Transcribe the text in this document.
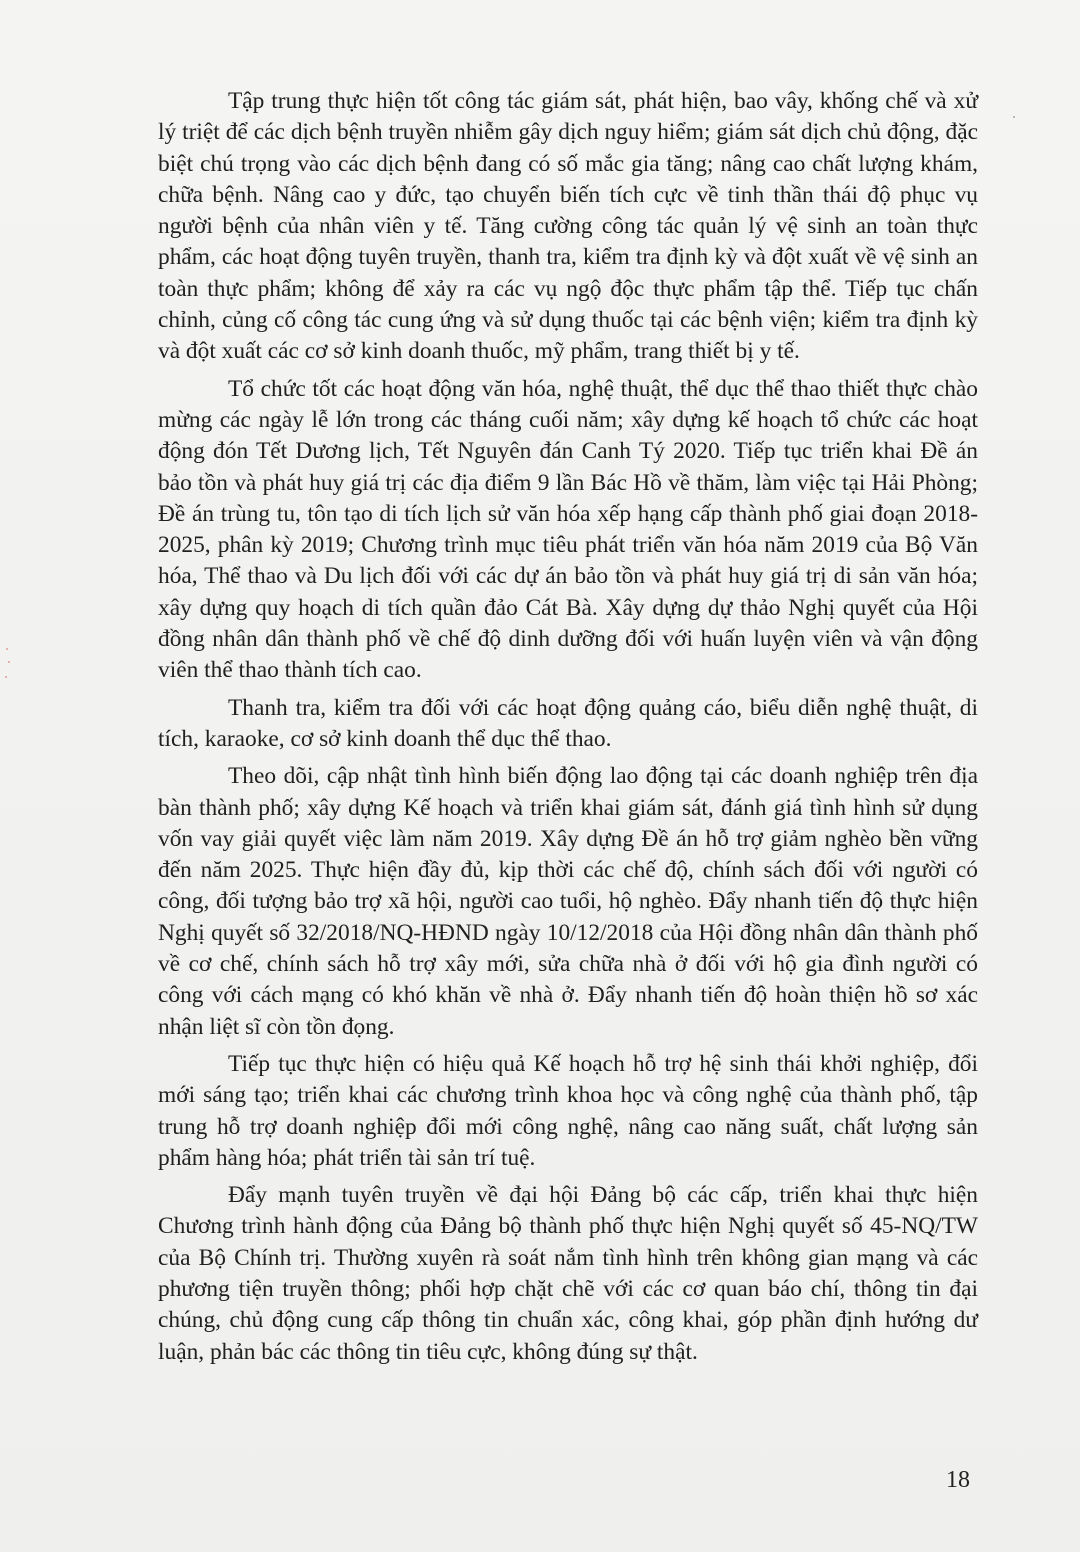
Tập trung thực hiện tốt công tác giám sát, phát hiện, bao vây, khống chế và xử lý triệt để các dịch bệnh truyền nhiễm gây dịch nguy hiểm; giám sát dịch chủ động, đặc biệt chú trọng vào các dịch bệnh đang có số mắc gia tăng; nâng cao chất lượng khám, chữa bệnh. Nâng cao y đức, tạo chuyển biến tích cực về tinh thần thái độ phục vụ người bệnh của nhân viên y tế. Tăng cường công tác quản lý vệ sinh an toàn thực phẩm, các hoạt động tuyên truyền, thanh tra, kiểm tra định kỳ và đột xuất về vệ sinh an toàn thực phẩm; không để xảy ra các vụ ngộ độc thực phẩm tập thể. Tiếp tục chấn chỉnh, củng cố công tác cung ứng và sử dụng thuốc tại các bệnh viện; kiểm tra định kỳ và đột xuất các cơ sở kinh doanh thuốc, mỹ phẩm, trang thiết bị y tế.

Tổ chức tốt các hoạt động văn hóa, nghệ thuật, thể dục thể thao thiết thực chào mừng các ngày lễ lớn trong các tháng cuối năm; xây dựng kế hoạch tổ chức các hoạt động đón Tết Dương lịch, Tết Nguyên đán Canh Tý 2020. Tiếp tục triển khai Đề án bảo tồn và phát huy giá trị các địa điểm 9 lần Bác Hồ về thăm, làm việc tại Hải Phòng; Đề án trùng tu, tôn tạo di tích lịch sử văn hóa xếp hạng cấp thành phố giai đoạn 2018-2025, phân kỳ 2019; Chương trình mục tiêu phát triển văn hóa năm 2019 của Bộ Văn hóa, Thể thao và Du lịch đối với các dự án bảo tồn và phát huy giá trị di sản văn hóa; xây dựng quy hoạch di tích quần đảo Cát Bà. Xây dựng dự thảo Nghị quyết của Hội đồng nhân dân thành phố về chế độ dinh dưỡng đối với huấn luyện viên và vận động viên thể thao thành tích cao.

Thanh tra, kiểm tra đối với các hoạt động quảng cáo, biểu diễn nghệ thuật, di tích, karaoke, cơ sở kinh doanh thể dục thể thao.

Theo dõi, cập nhật tình hình biến động lao động tại các doanh nghiệp trên địa bàn thành phố; xây dựng Kế hoạch và triển khai giám sát, đánh giá tình hình sử dụng vốn vay giải quyết việc làm năm 2019. Xây dựng Đề án hỗ trợ giảm nghèo bền vững đến năm 2025. Thực hiện đầy đủ, kịp thời các chế độ, chính sách đối với người có công, đối tượng bảo trợ xã hội, người cao tuổi, hộ nghèo. Đẩy nhanh tiến độ thực hiện Nghị quyết số 32/2018/NQ-HĐND ngày 10/12/2018 của Hội đồng nhân dân thành phố về cơ chế, chính sách hỗ trợ xây mới, sửa chữa nhà ở đối với hộ gia đình người có công với cách mạng có khó khăn về nhà ở. Đẩy nhanh tiến độ hoàn thiện hồ sơ xác nhận liệt sĩ còn tồn đọng.

Tiếp tục thực hiện có hiệu quả Kế hoạch hỗ trợ hệ sinh thái khởi nghiệp, đổi mới sáng tạo; triển khai các chương trình khoa học và công nghệ của thành phố, tập trung hỗ trợ doanh nghiệp đổi mới công nghệ, nâng cao năng suất, chất lượng sản phẩm hàng hóa; phát triển tài sản trí tuệ.

Đẩy mạnh tuyên truyền về đại hội Đảng bộ các cấp, triển khai thực hiện Chương trình hành động của Đảng bộ thành phố thực hiện Nghị quyết số 45-NQ/TW của Bộ Chính trị. Thường xuyên rà soát nắm tình hình trên không gian mạng và các phương tiện truyền thông; phối hợp chặt chẽ với các cơ quan báo chí, thông tin đại chúng, chủ động cung cấp thông tin chuẩn xác, công khai, góp phần định hướng dư luận, phản bác các thông tin tiêu cực, không đúng sự thật.

18
